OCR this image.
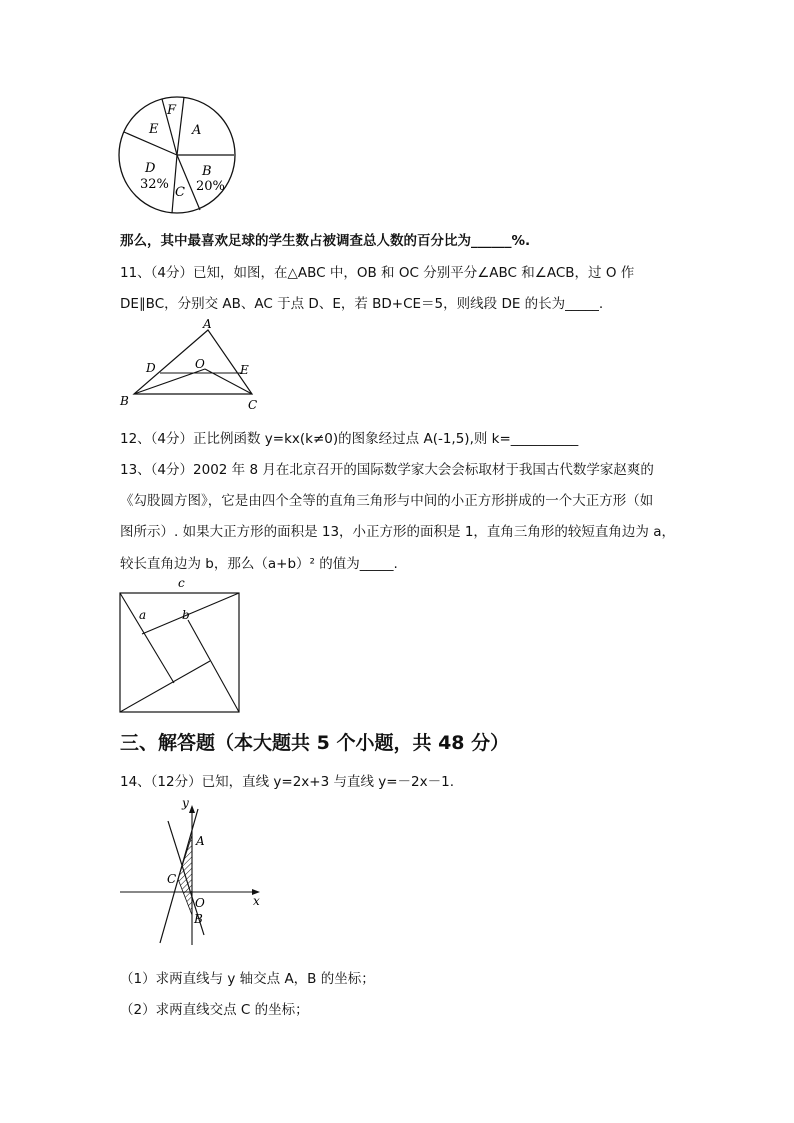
F
A
E
B
20%
D
32%
C
那么，其中最喜欢足球的学生数占被调查总人数的百分比为______%.
11、（4分）已知，如图，在△ABC 中，OB 和 OC 分别平分∠ABC 和∠ACB，过 O 作
DE∥BC，分别交 AB、AC 于点 D、E，若 BD+CE＝5，则线段 DE 的长为_____.
A
D	O	E
B	C
12、（4分）正比例函数 y=kx(k≠0)的图象经过点 A(-1,5),则 k=__________
13、（4分）2002 年 8 月在北京召开的国际数学家大会会标取材于我国古代数学家赵爽的
《勾股圆方图》，它是由四个全等的直角三角形与中间的小正方形拼成的一个大正方形（如
图所示）. 如果大正方形的面积是 13，小正方形的面积是 1，直角三角形的较短直角边为 a，
较长直角边为 b，那么（a+b）² 的值为_____.
c
a	b
三、解答题（本大题共 5 个小题，共 48 分）
14、（12分）已知，直线 y=2x+3 与直线 y=－2x－1.
y
x
A
C
O
B
（1）求两直线与 y 轴交点 A，B 的坐标；
（2）求两直线交点 C 的坐标；
